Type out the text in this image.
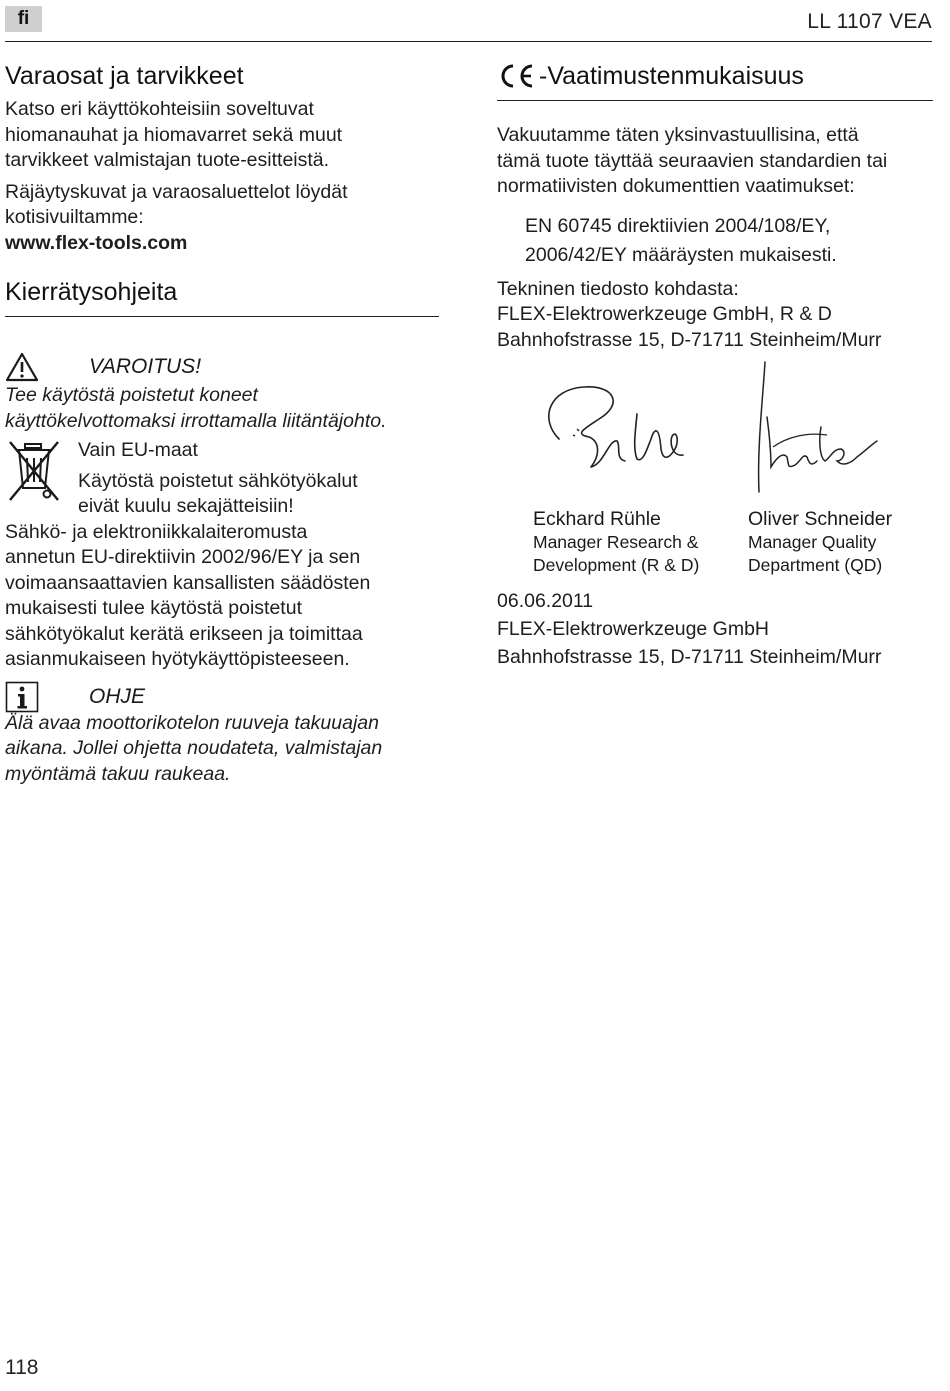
fi	LL 1107 VEA
Varaosat ja tarvikkeet

Katso eri käyttökohteisiin soveltuvat

hiomanauhat ja hiomavarret sekä muut

tarvikkeet valmistajan tuote-esitteistä.

Räjäytyskuvat ja varaosaluettelot löydät

kotisivuiltamme:

www.flex-tools.com

Kierrätysohjeita
VAROITUS!

Tee käytöstä poistetut koneet

käyttökelvottomaksi irrottamalla liitäntäjohto.

Vain EU-maat

Käytöstä poistetut sähkötyökalut

eivät kuulu sekajätteisiin!

Sähkö- ja elektroniikkalaiteromusta

annetun EU-direktiivin 2002/96/EY ja sen

voimaansaattavien kansallisten säädösten

mukaisesti tulee käytöstä poistetut

sähkötyökalut kerätä erikseen ja toimittaa

asianmukaiseen hyötykäyttöpisteeseen.

OHJE

Älä avaa moottorikotelon ruuveja takuuajan

aikana. Jollei ohjetta noudateta, valmistajan

myöntämä takuu raukeaa.

-Vaatimustenmukaisuus

Vakuutamme täten yksinvastuullisina, että

tämä tuote täyttää seuraavien standardien tai

normatiivisten dokumenttien vaatimukset:

EN 60745 direktiivien 2004/108/EY,

2006/42/EY määräysten mukaisesti.

Tekninen tiedosto kohdasta:

FLEX-Elektrowerkzeuge GmbH, R & D

Bahnhofstrasse 15, D-71711 Steinheim/Murr

Eckhard Rühle
Manager Research &
Development (R & D)
Oliver Schneider
Manager Quality
Department (QD)

06.06.2011

FLEX-Elektrowerkzeuge GmbH

Bahnhofstrasse 15, D-71711 Steinheim/Murr

118
